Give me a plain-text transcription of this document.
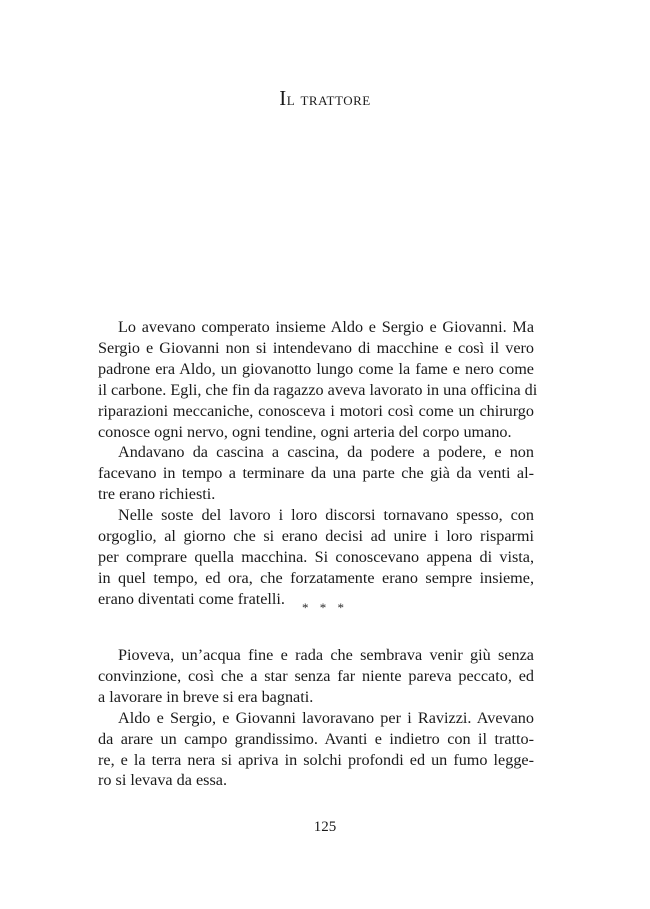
Il trattore
Lo avevano comperato insieme Aldo e Sergio e Giovanni. Ma
Sergio e Giovanni non si intendevano di macchine e così il vero
padrone era Aldo, un giovanotto lungo come la fame e nero come
il carbone. Egli, che fin da ragazzo aveva lavorato in una officina di
riparazioni meccaniche, conosceva i motori così come un chirurgo
conosce ogni nervo, ogni tendine, ogni arteria del corpo umano.
Andavano da cascina a cascina, da podere a podere, e non
facevano in tempo a terminare da una parte che già da venti al-
tre erano richiesti.
Nelle soste del lavoro i loro discorsi tornavano spesso, con
orgoglio, al giorno che si erano decisi ad unire i loro risparmi
per comprare quella macchina. Si conoscevano appena di vista,
in quel tempo, ed ora, che forzatamente erano sempre insieme,
erano diventati come fratelli.	* * *
Pioveva, un’acqua fine e rada che sembrava venir giù senza
convinzione, così che a star senza far niente pareva peccato, ed
a lavorare in breve si era bagnati.
Aldo e Sergio, e Giovanni lavoravano per i Ravizzi. Avevano
da arare un campo grandissimo. Avanti e indietro con il tratto-
re, e la terra nera si apriva in solchi profondi ed un fumo legge-
ro si levava da essa.
125
